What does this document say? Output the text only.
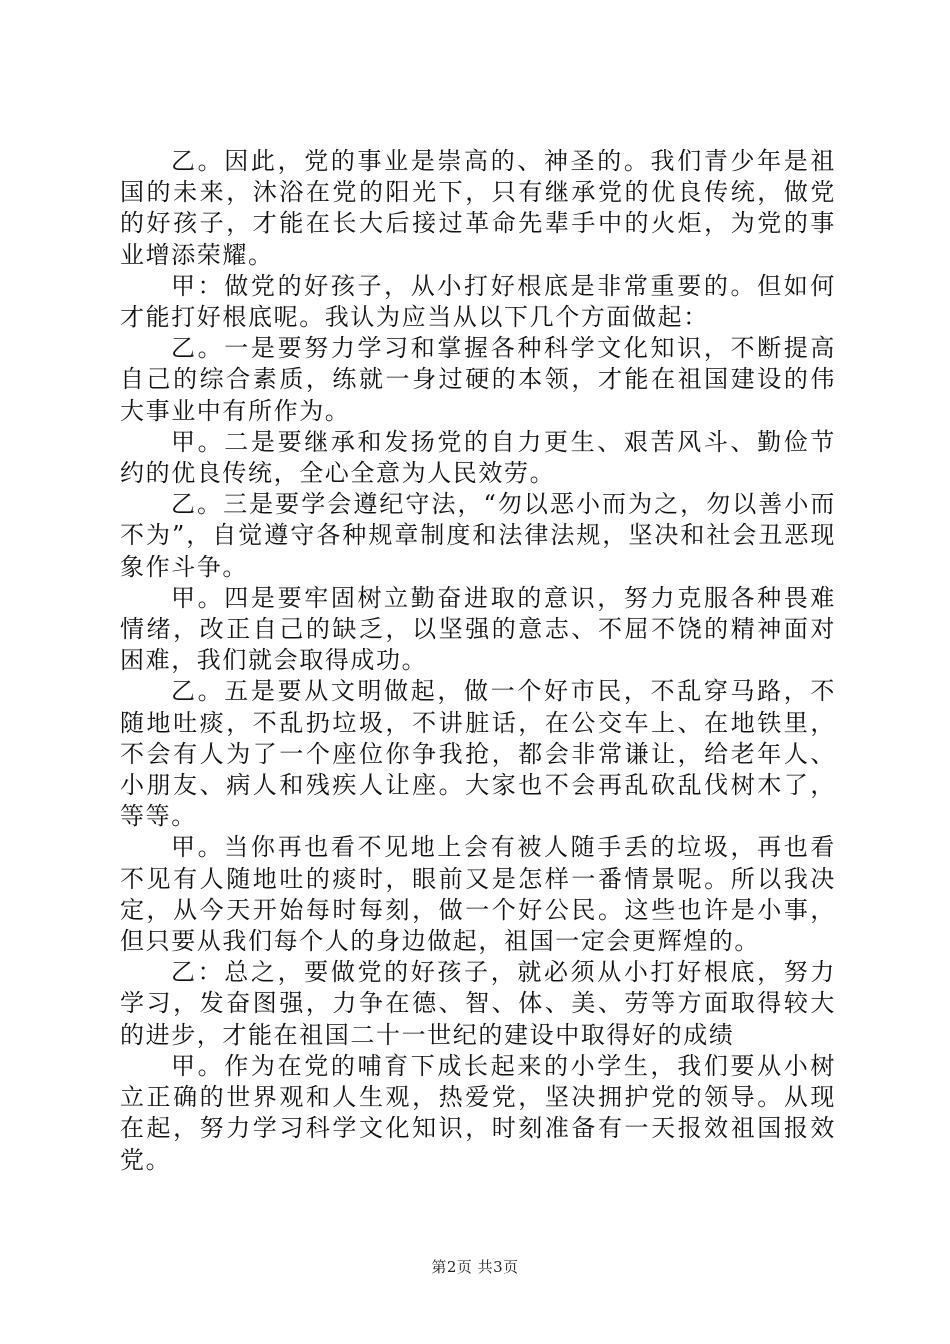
乙。因此，党的事业是崇高的、神圣的。我们青少年是祖国的未来，沐浴在党的阳光下，只有继承党的优良传统，做党的好孩子，才能在长大后接过革命先辈手中的火炬，为党的事业增添荣耀。

甲：做党的好孩子，从小打好根底是非常重要的。但如何才能打好根底呢。我认为应当从以下几个方面做起：

乙。一是要努力学习和掌握各种科学文化知识，不断提高自己的综合素质，练就一身过硬的本领，才能在祖国建设的伟大事业中有所作为。

甲。二是要继承和发扬党的自力更生、艰苦风斗、勤俭节约的优良传统，全心全意为人民效劳。

乙。三是要学会遵纪守法，“勿以恶小而为之，勿以善小而不为”，自觉遵守各种规章制度和法律法规，坚决和社会丑恶现象作斗争。

甲。四是要牢固树立勤奋进取的意识，努力克服各种畏难情绪，改正自己的缺乏，以坚强的意志、不屈不饶的精神面对困难，我们就会取得成功。

乙。五是要从文明做起，做一个好市民，不乱穿马路，不随地吐痰，不乱扔垃圾，不讲脏话，在公交车上、在地铁里，不会有人为了一个座位你争我抢，都会非常谦让，给老年人、小朋友、病人和残疾人让座。大家也不会再乱砍乱伐树木了，等等。

甲。当你再也看不见地上会有被人随手丢的垃圾，再也看不见有人随地吐的痰时，眼前又是怎样一番情景呢。所以我决定，从今天开始每时每刻，做一个好公民。这些也许是小事，但只要从我们每个人的身边做起，祖国一定会更辉煌的。

乙：总之，要做党的好孩子，就必须从小打好根底，努力学习，发奋图强，力争在德、智、体、美、劳等方面取得较大的进步，才能在祖国二十一世纪的建设中取得好的成绩

甲。作为在党的哺育下成长起来的小学生，我们要从小树立正确的世界观和人生观，热爱党，坚决拥护党的领导。从现在起，努力学习科学文化知识，时刻准备有一天报效祖国报效党。

第2页 共3页
